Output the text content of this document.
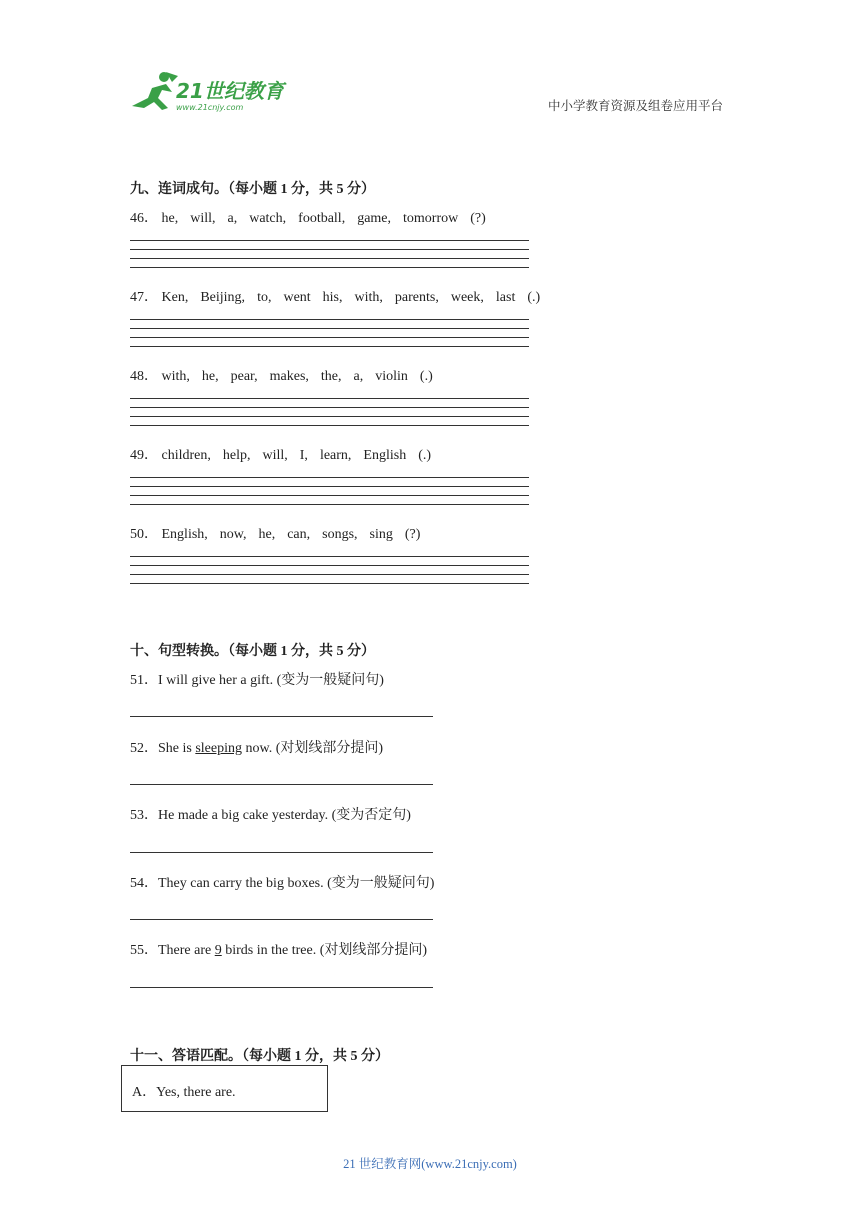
21世纪教育
www.21cnjy.com	中小学教育资源及组卷应用平台
九、连词成句。（每小题 1 分，共 5 分）
46． he, will, a, watch, football, game, tomorrow (?)
47． Ken, Beijing, to, went his, with, parents, week, last (.)
48． with, he, pear, makes, the, a, violin (.)
49． children, help, will, I, learn, English (.)
50． English, now, he, can, songs, sing (?)
十、句型转换。（每小题 1 分，共 5 分）
51．I will give her a gift. (变为一般疑问句)
52．She is sleeping now. (对划线部分提问)
53．He made a big cake yesterday. (变为否定句)
54．They can carry the big boxes. (变为一般疑问句)
55．There are 9 birds in the tree. (对划线部分提问)
十一、答语匹配。（每小题 1 分，共 5 分）
A．Yes, there are.
21 世纪教育网(www.21cnjy.com)
